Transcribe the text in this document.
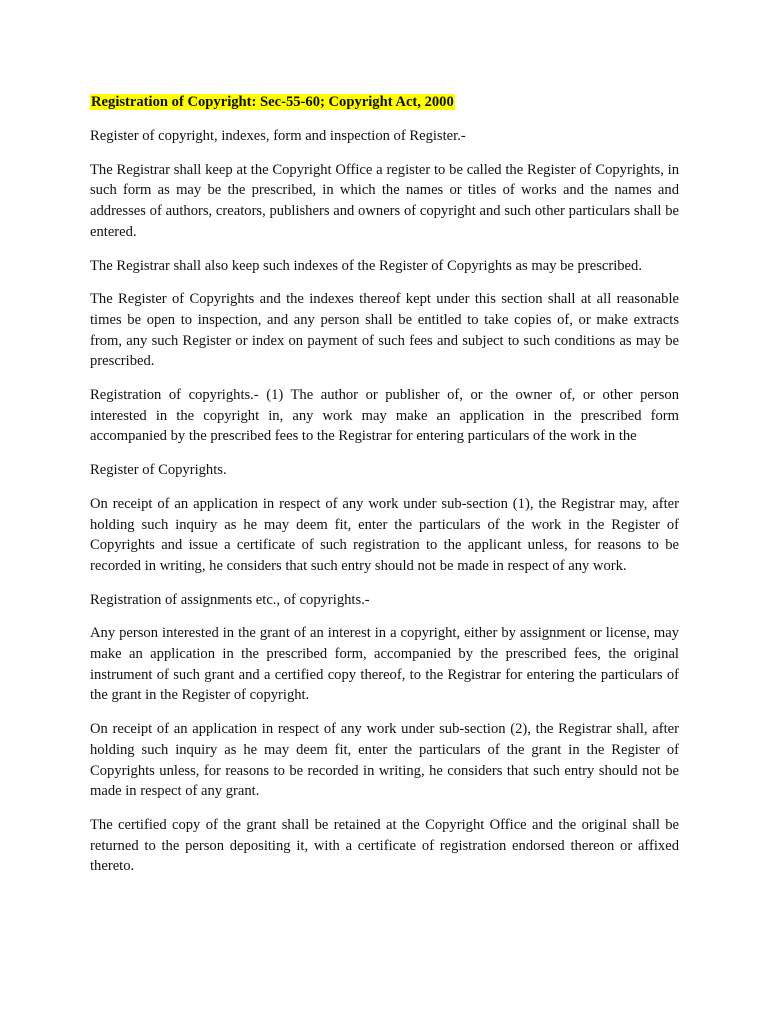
Registration of Copyright: Sec-55-60; Copyright Act, 2000

Register of copyright, indexes, form and inspection of Register.-

The Registrar shall keep at the Copyright Office a register to be called the Register of Copyrights, in such form as may be the prescribed, in which the names or titles of works and the names and addresses of authors, creators, publishers and owners of copyright and such other particulars shall be entered.

The Registrar shall also keep such indexes of the Register of Copyrights as may be prescribed.

The Register of Copyrights and the indexes thereof kept under this section shall at all reasonable times be open to inspection, and any person shall be entitled to take copies of, or make extracts from, any such Register or index on payment of such fees and subject to such conditions as may be prescribed.

Registration of copyrights.- (1) The author or publisher of, or the owner of, or other person interested in the copyright in, any work may make an application in the prescribed form accompanied by the prescribed fees to the Registrar for entering particulars of the work in the

Register of Copyrights.

On receipt of an application in respect of any work under sub-section (1), the Registrar may, after holding such inquiry as he may deem fit, enter the particulars of the work in the Register of Copyrights and issue a certificate of such registration to the applicant unless, for reasons to be recorded in writing, he considers that such entry should not be made in respect of any work.

Registration of assignments etc., of copyrights.-

Any person interested in the grant of an interest in a copyright, either by assignment or license, may make an application in the prescribed form, accompanied by the prescribed fees, the original instrument of such grant and a certified copy thereof, to the Registrar for entering the particulars of the grant in the Register of copyright.

On receipt of an application in respect of any work under sub-section (2), the Registrar shall, after holding such inquiry as he may deem fit, enter the particulars of the grant in the Register of Copyrights unless, for reasons to be recorded in writing, he considers that such entry should not be made in respect of any grant.

The certified copy of the grant shall be retained at the Copyright Office and the original shall be returned to the person depositing it, with a certificate of registration endorsed thereon or affixed thereto.
